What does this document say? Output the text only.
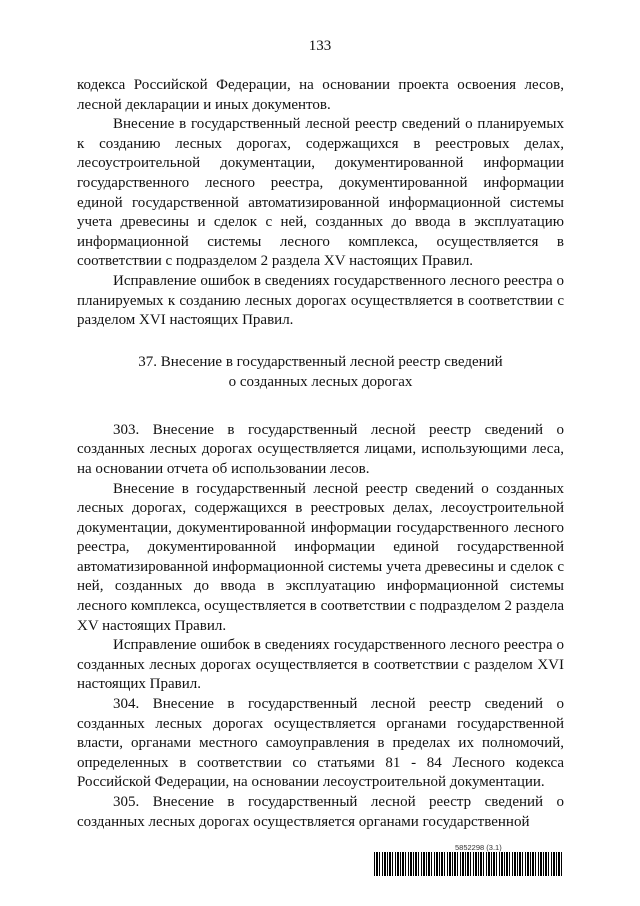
133

кодекса Российской Федерации, на основании проекта освоения лесов, лесной декларации и иных документов.

Внесение в государственный лесной реестр сведений о планируемых к созданию лесных дорогах, содержащихся в реестровых делах, лесоустроительной документации, документированной информации государственного лесного реестра, документированной информации единой государственной автоматизированной информационной системы учета древесины и сделок с ней, созданных до ввода в эксплуатацию информационной системы лесного комплекса, осуществляется в соответствии с подразделом 2 раздела XV настоящих Правил.

Исправление ошибок в сведениях государственного лесного реестра о планируемых к созданию лесных дорогах осуществляется в соответствии с разделом XVI настоящих Правил.

37. Внесение в государственный лесной реестр сведений
о созданных лесных дорогах

303. Внесение в государственный лесной реестр сведений о созданных лесных дорогах осуществляется лицами, использующими леса, на основании отчета об использовании лесов.

Внесение в государственный лесной реестр сведений о созданных лесных дорогах, содержащихся в реестровых делах, лесоустроительной документации, документированной информации государственного лесного реестра, документированной информации единой государственной автоматизированной информационной системы учета древесины и сделок с ней, созданных до ввода в эксплуатацию информационной системы лесного комплекса, осуществляется в соответствии с подразделом 2 раздела XV настоящих Правил.

Исправление ошибок в сведениях государственного лесного реестра о созданных лесных дорогах осуществляется в соответствии с разделом XVI настоящих Правил.

304. Внесение в государственный лесной реестр сведений о созданных лесных дорогах осуществляется органами государственной власти, органами местного самоуправления в пределах их полномочий, определенных в соответствии со статьями 81 - 84 Лесного кодекса Российской Федерации, на основании лесоустроительной документации.

305. Внесение в государственный лесной реестр сведений о созданных лесных дорогах осуществляется органами государственной

5852298 (3.1)
